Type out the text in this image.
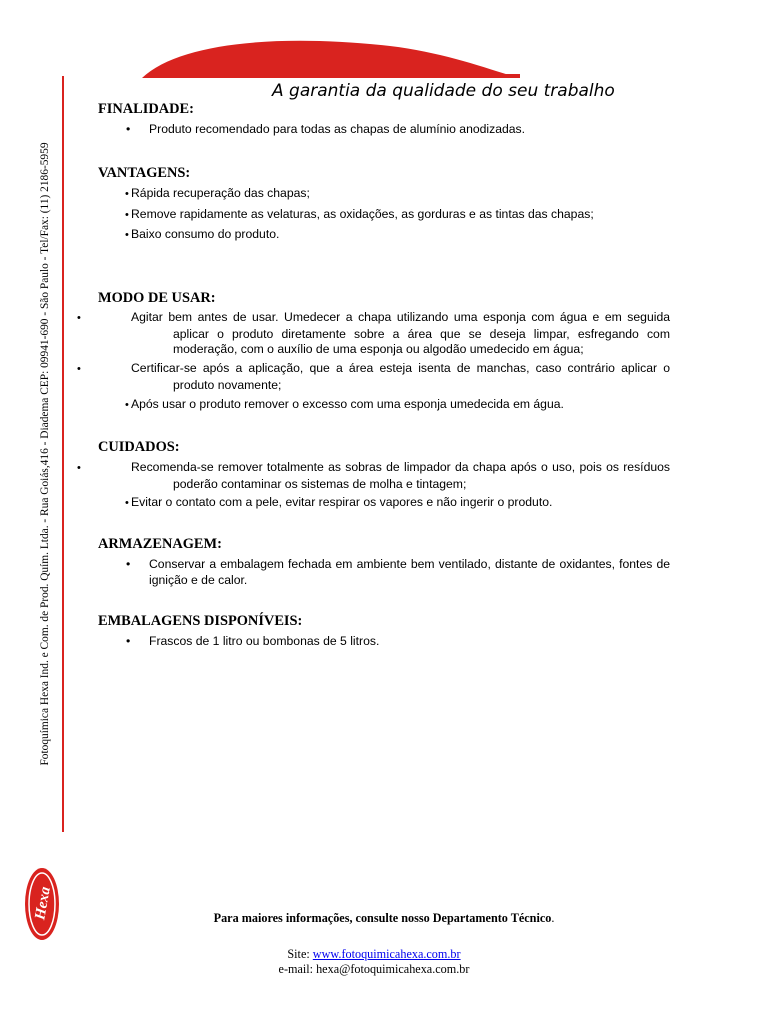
A garantia da qualidade do seu trabalho
Fotoquímica Hexa Ind. e Com. de Prod. Quím. Ltda. - Rua Goiás,416 - Diadema CEP: 09941-690 - São Paulo - Tel/Fax: (11) 2186-5959
Hexa
FINALIDADE:
• Produto recomendado para todas as chapas de alumínio anodizadas.
VANTAGENS:
• Rápida recuperação das chapas;
• Remove rapidamente as velaturas, as oxidações, as gorduras e as tintas das chapas;
• Baixo consumo do produto.
MODO DE USAR:
•	Agitar bem antes de usar. Umedecer a chapa utilizando uma esponja com água e em seguida aplicar o produto diretamente sobre a área que se deseja limpar, esfregando com moderação, com o auxílio de uma esponja ou algodão umedecido em água;
•	Certificar-se após a aplicação, que a área esteja isenta de manchas, caso contrário aplicar o produto novamente;
• Após usar o produto remover o excesso com uma esponja umedecida em água.
CUIDADOS:
•	Recomenda-se remover totalmente as sobras de limpador da chapa após o uso, pois os resíduos poderão contaminar os sistemas de molha e tintagem;
• Evitar o contato com a pele, evitar respirar os vapores e não ingerir o produto.
ARMAZENAGEM:
• Conservar a embalagem fechada em ambiente bem ventilado, distante de oxidantes, fontes de ignição e de calor.
EMBALAGENS DISPONÍVEIS:
• Frascos de 1 litro ou bombonas de 5 litros.
Para maiores informações, consulte nosso Departamento Técnico.
Site: www.fotoquimicahexa.com.br
e-mail: hexa@fotoquimicahexa.com.br
